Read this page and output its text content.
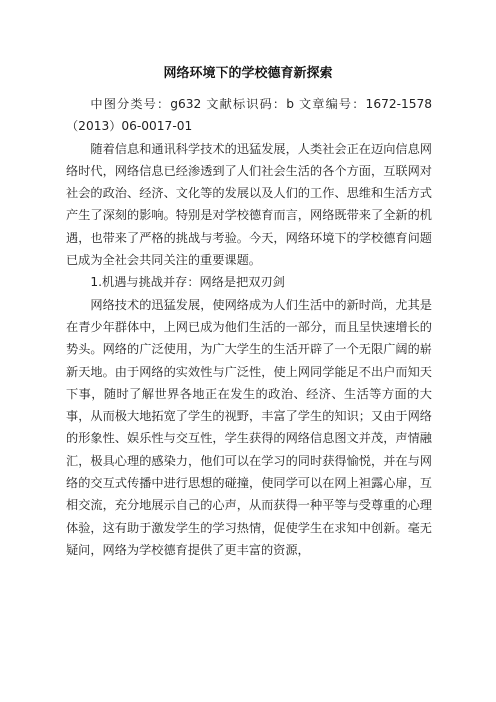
网络环境下的学校德育新探索

中图分类号：g632 文献标识码：b 文章编号：1672-1578（2013）06-0017-01

随着信息和通讯科学技术的迅猛发展，人类社会正在迈向信息网络时代，网络信息已经渗透到了人们社会生活的各个方面，互联网对社会的政治、经济、文化等的发展以及人们的工作、思维和生活方式产生了深刻的影响。特别是对学校德育而言，网络既带来了全新的机遇，也带来了严格的挑战与考验。今天，网络环境下的学校德育问题已成为全社会共同关注的重要课题。

1.机遇与挑战并存：网络是把双刃剑

网络技术的迅猛发展，使网络成为人们生活中的新时尚，尤其是在青少年群体中，上网已成为他们生活的一部分，而且呈快速增长的势头。网络的广泛使用，为广大学生的生活开辟了一个无限广阔的崭新天地。由于网络的实效性与广泛性，使上网同学能足不出户而知天下事，随时了解世界各地正在发生的政治、经济、生活等方面的大事，从而极大地拓宽了学生的视野，丰富了学生的知识；又由于网络的形象性、娱乐性与交互性，学生获得的网络信息图文并茂，声情融汇，极具心理的感染力，他们可以在学习的同时获得愉悦，并在与网络的交互式传播中进行思想的碰撞，使同学可以在网上袒露心扉，互相交流，充分地展示自己的心声，从而获得一种平等与受尊重的心理体验，这有助于激发学生的学习热情，促使学生在求知中创新。毫无疑问，网络为学校德育提供了更丰富的资源，
